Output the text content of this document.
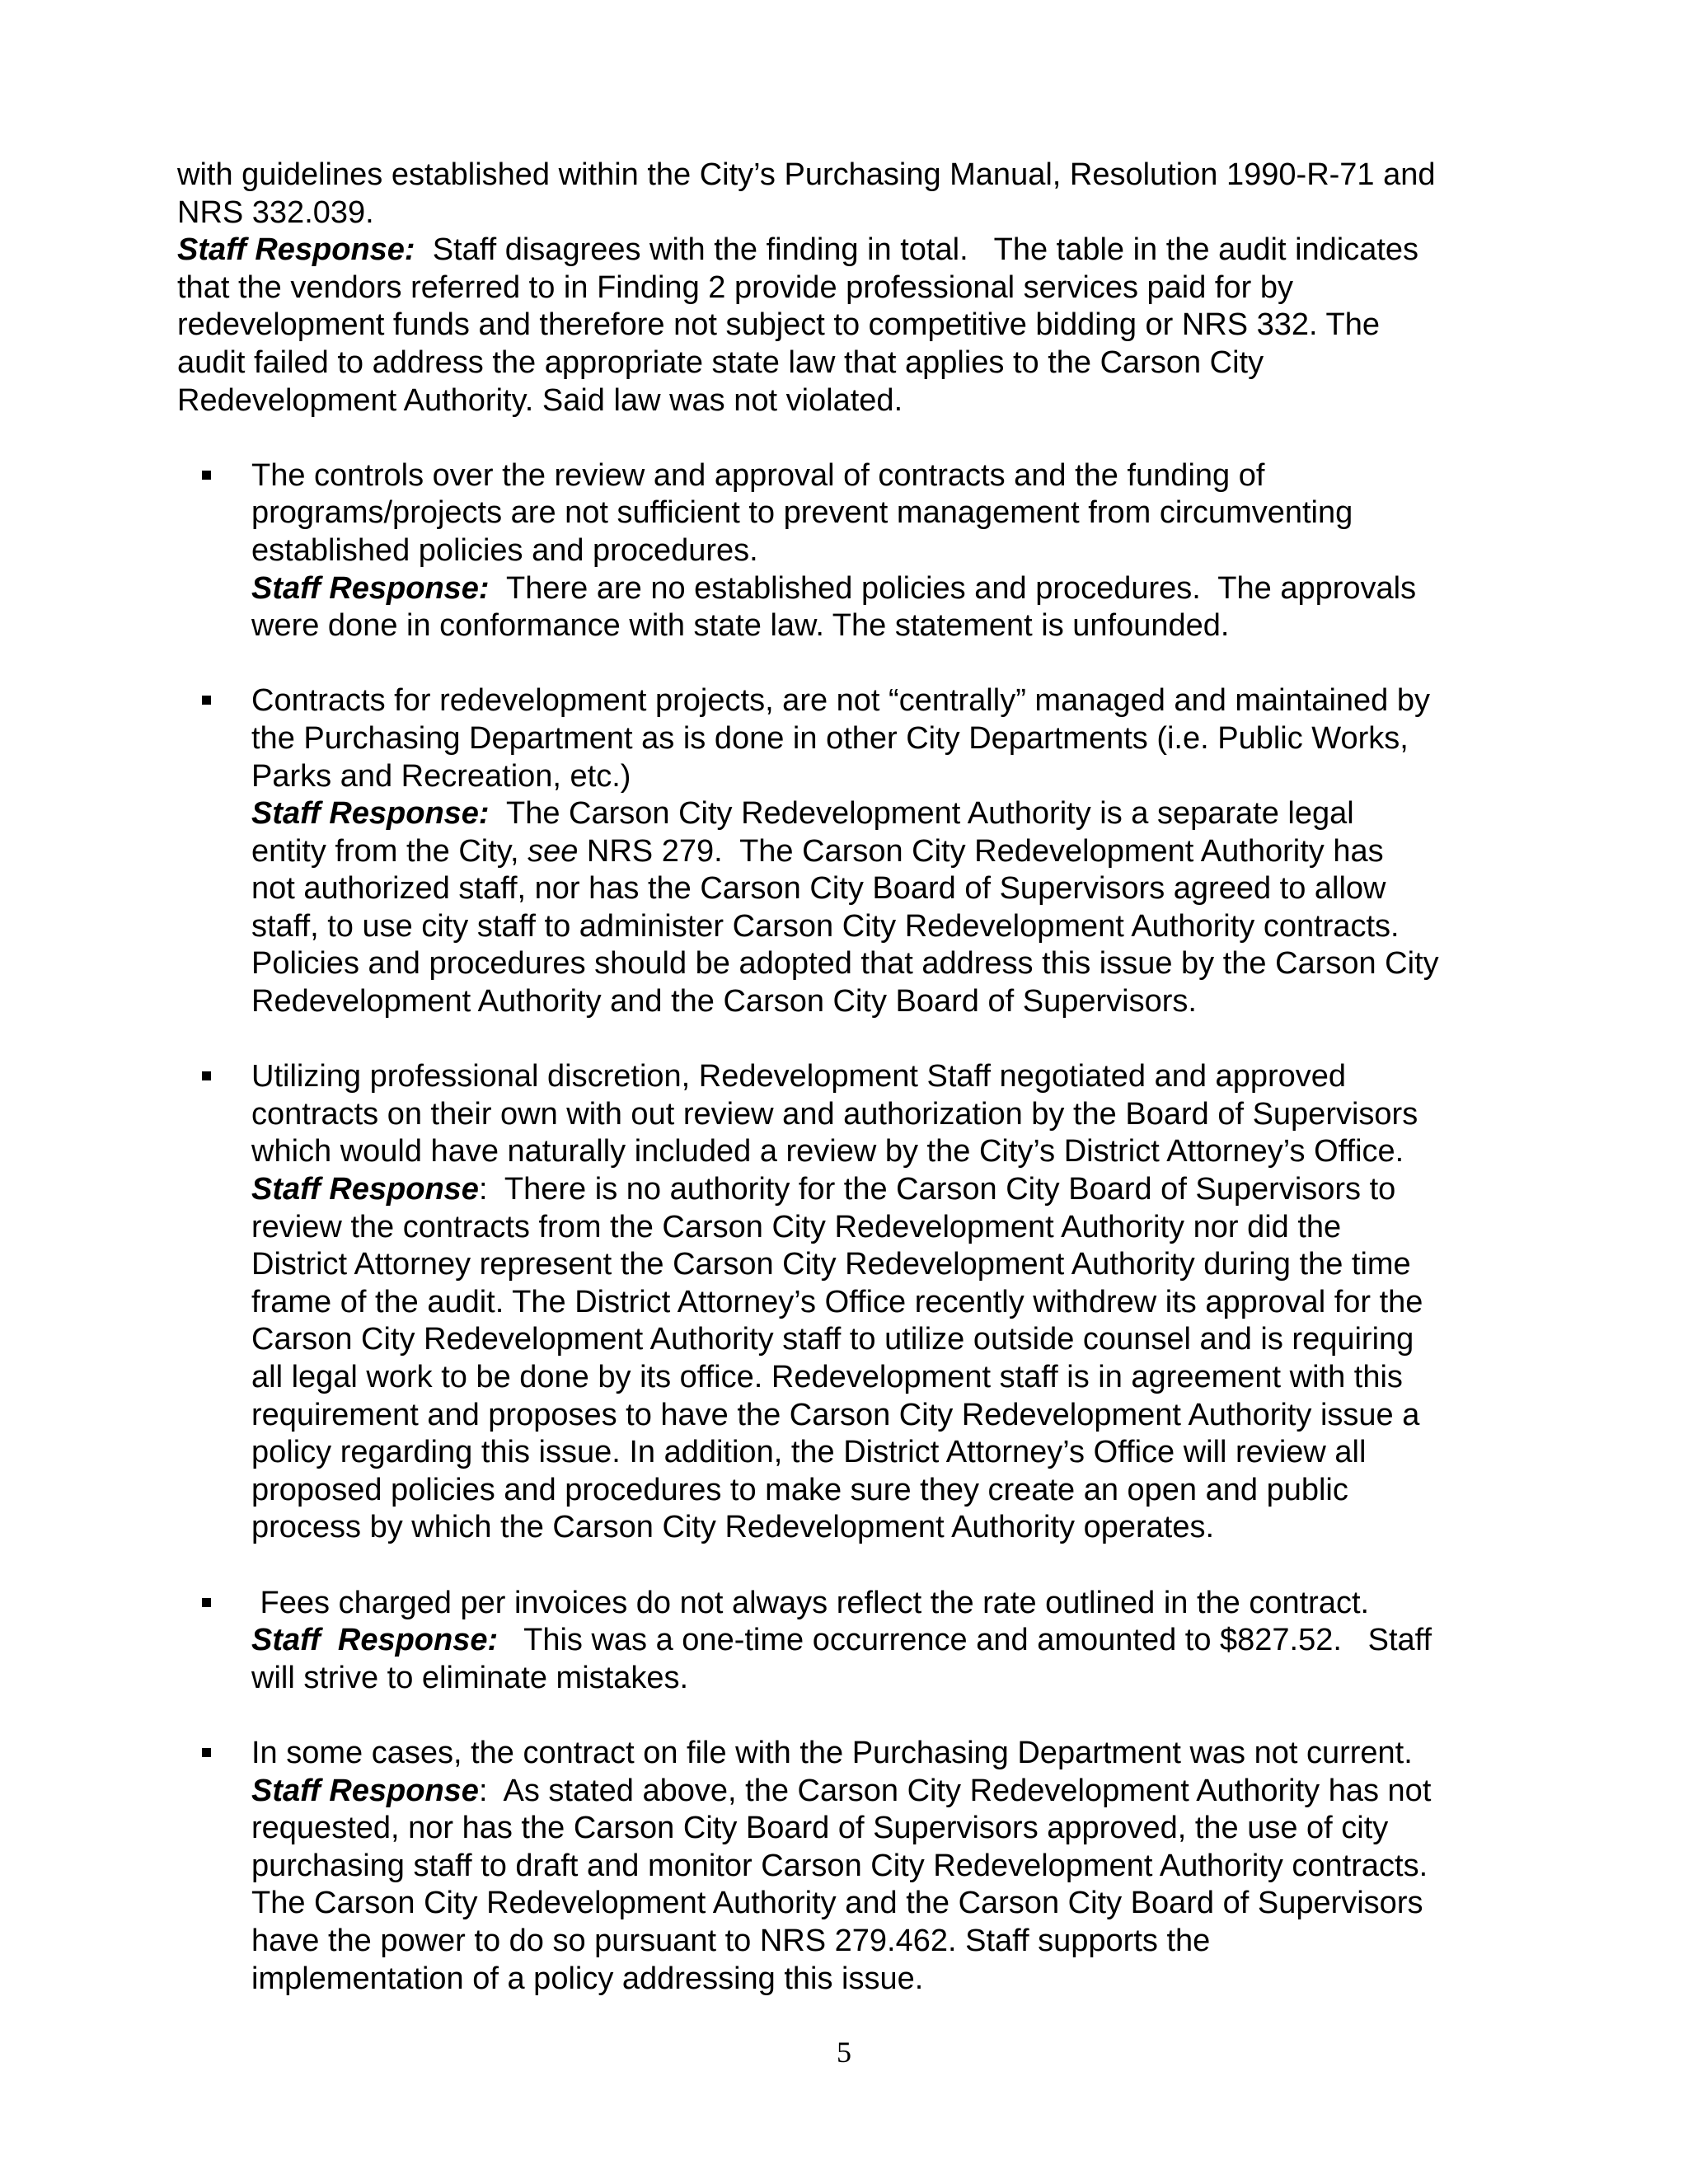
with guidelines established within the City’s Purchasing Manual, Resolution 1990-R-71 and
NRS 332.039.
Staff Response:  Staff disagrees with the finding in total.   The table in the audit indicates
that the vendors referred to in Finding 2 provide professional services paid for by
redevelopment funds and therefore not subject to competitive bidding or NRS 332. The
audit failed to address the appropriate state law that applies to the Carson City
Redevelopment Authority. Said law was not violated.
The controls over the review and approval of contracts and the funding of
programs/projects are not sufficient to prevent management from circumventing
established policies and procedures.
Staff Response:  There are no established policies and procedures.  The approvals
were done in conformance with state law. The statement is unfounded.
Contracts for redevelopment projects, are not “centrally” managed and maintained by
the Purchasing Department as is done in other City Departments (i.e. Public Works,
Parks and Recreation, etc.)
Staff Response:  The Carson City Redevelopment Authority is a separate legal
entity from the City, see NRS 279.  The Carson City Redevelopment Authority has
not authorized staff, nor has the Carson City Board of Supervisors agreed to allow
staff, to use city staff to administer Carson City Redevelopment Authority contracts.
Policies and procedures should be adopted that address this issue by the Carson City
Redevelopment Authority and the Carson City Board of Supervisors.
Utilizing professional discretion, Redevelopment Staff negotiated and approved
contracts on their own with out review and authorization by the Board of Supervisors
which would have naturally included a review by the City’s District Attorney’s Office.
Staff Response:  There is no authority for the Carson City Board of Supervisors to
review the contracts from the Carson City Redevelopment Authority nor did the
District Attorney represent the Carson City Redevelopment Authority during the time
frame of the audit. The District Attorney’s Office recently withdrew its approval for the
Carson City Redevelopment Authority staff to utilize outside counsel and is requiring
all legal work to be done by its office. Redevelopment staff is in agreement with this
requirement and proposes to have the Carson City Redevelopment Authority issue a
policy regarding this issue. In addition, the District Attorney’s Office will review all
proposed policies and procedures to make sure they create an open and public
process by which the Carson City Redevelopment Authority operates.
Fees charged per invoices do not always reflect the rate outlined in the contract.
Staff  Response:   This was a one-time occurrence and amounted to $827.52.   Staff
will strive to eliminate mistakes.
In some cases, the contract on file with the Purchasing Department was not current.
Staff Response:  As stated above, the Carson City Redevelopment Authority has not
requested, nor has the Carson City Board of Supervisors approved, the use of city
purchasing staff to draft and monitor Carson City Redevelopment Authority contracts.
The Carson City Redevelopment Authority and the Carson City Board of Supervisors
have the power to do so pursuant to NRS 279.462. Staff supports the
implementation of a policy addressing this issue.
5
